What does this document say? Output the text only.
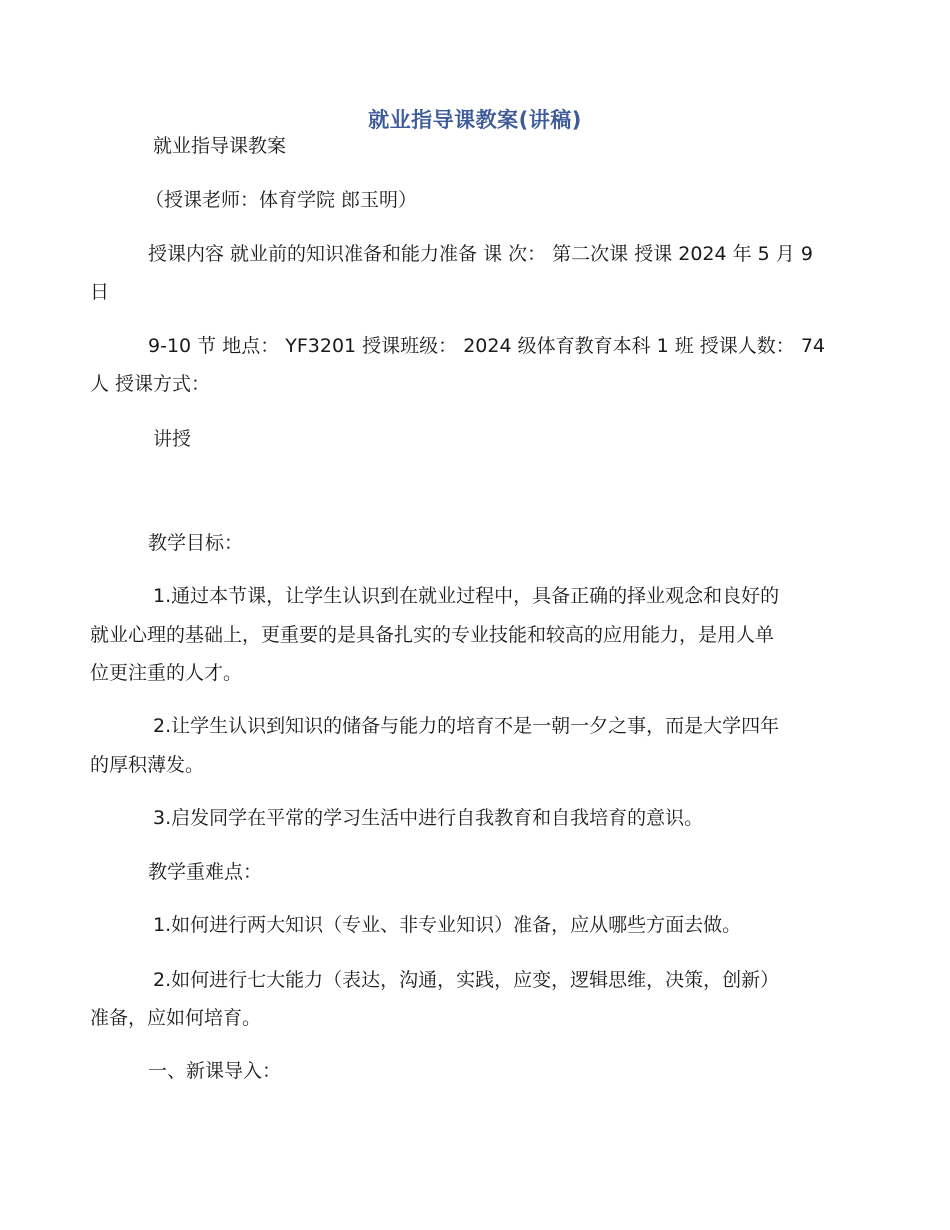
就业指导课教案(讲稿)
就业指导课教案
（授课老师：体育学院 郎玉明）
授课内容 就业前的知识准备和能力准备 课 次： 第二次课 授课 2024 年 5 月 9
日
9-10 节 地点： YF3201 授课班级： 2024 级体育教育本科 1 班 授课人数： 74
人 授课方式：
讲授
教学目标：
1.通过本节课，让学生认识到在就业过程中，具备正确的择业观念和良好的
就业心理的基础上，更重要的是具备扎实的专业技能和较高的应用能力，是用人单
位更注重的人才。
2.让学生认识到知识的储备与能力的培育不是一朝一夕之事，而是大学四年
的厚积薄发。
3.启发同学在平常的学习生活中进行自我教育和自我培育的意识。
教学重难点：
1.如何进行两大知识（专业、非专业知识）准备，应从哪些方面去做。
2.如何进行七大能力（表达，沟通，实践，应变，逻辑思维，决策，创新）
准备，应如何培育。
一、新课导入：
